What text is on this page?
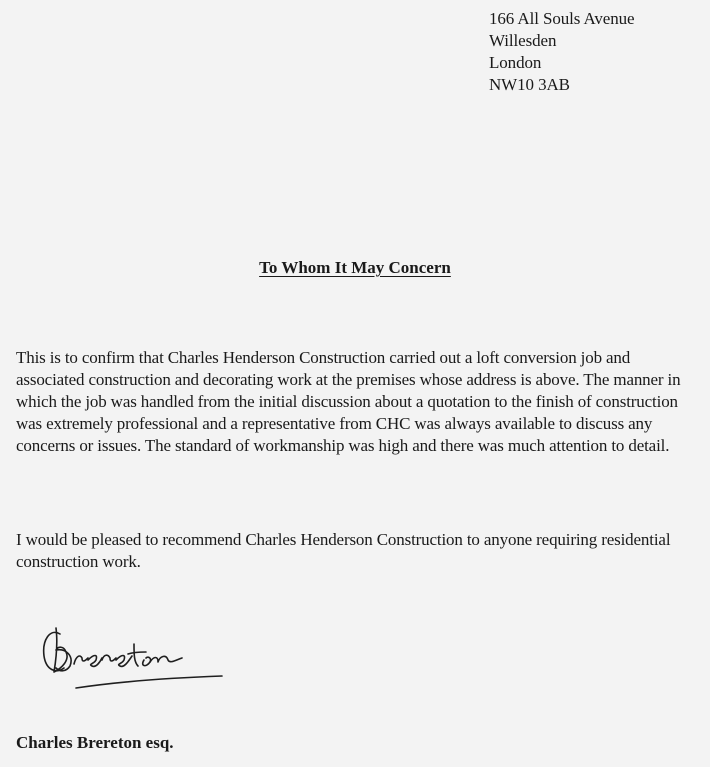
166 All Souls Avenue
Willesden
London
NW10 3AB
To Whom It May Concern
This is to confirm that Charles Henderson Construction carried out a loft conversion job and associated construction and decorating work at the premises whose address is above. The manner in which the job was handled from the initial discussion about a quotation to the finish of construction was extremely professional and a representative from CHC was always available to discuss any concerns or issues. The standard of workmanship was high and there was much attention to detail.
I would be pleased to recommend Charles Henderson Construction to anyone requiring residential construction work.
Charles Brereton esq.
